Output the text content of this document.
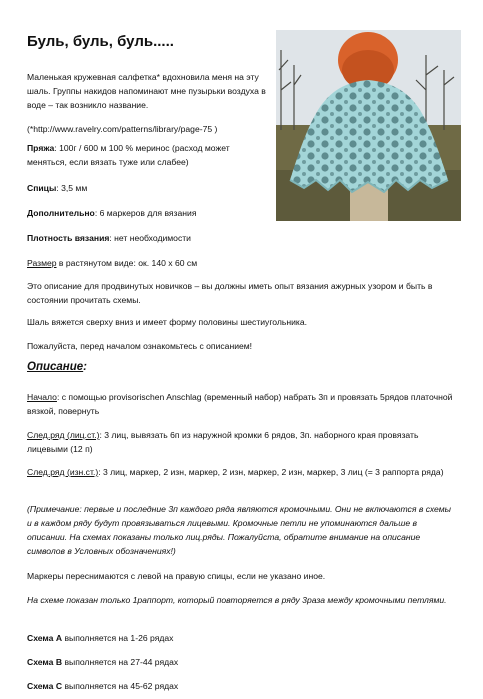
Буль, буль, буль.....
Маленькая кружевная салфетка* вдохновила меня на эту шаль. Группы накидов напоминают мне пузырьки воздуха в воде – так возникло название.
(*http://www.ravelry.com/patterns/library/page-75 )
Пряжа: 100г / 600 м 100 % меринос (расход может меняться, если вязать туже или слабее)
Спицы: 3,5 мм
Дополнительно: 6 маркеров для вязания
Плотность вязания: нет необходимости
Размер в растянутом виде: ок. 140 х 60 см
Это описание для продвинутых новичков – вы должны иметь опыт вязания ажурных узором и быть в состоянии прочитать схемы.
Шаль вяжется сверху вниз и имеет форму половины шестиугольника.
Пожалуйста, перед началом ознакомьтесь с описанием!
Описание:
Начало: с помощью provisorischen Anschlag (временный набор) набрать 3п и провязать 5рядов платочной вязкой, повернуть
След.ряд (лиц.ст.): 3 лиц, вывязать 6п из наружной кромки 6 рядов, 3п. наборного края провязать лицевыми (12 п)
След.ряд (изн.ст.): 3 лиц, маркер, 2 изн, маркер, 2 изн, маркер, 2 изн, маркер, 3 лиц (= 3 раппорта ряда)
(Примечание: первые и последние 3п каждого ряда являются кромочными. Они не включаются в схемы и в каждом ряду будут провязываться лицевыми. Кромочные петли не упоминаются дальше в описании. На схемах показаны только лиц.ряды. Пожалуйста, обратите внимание на описание символов в Условных обозначениях!)
Маркеры переснимаются с левой на правую спицы, если не указано иное.
На схеме показан только 1раппорт, который повторяется в ряду 3раза между кромочными петлями.
Схема A выполняется на 1-26 рядах
Схема B выполняется на 27-44 рядах
Схема C выполняется на 45-62 рядах
